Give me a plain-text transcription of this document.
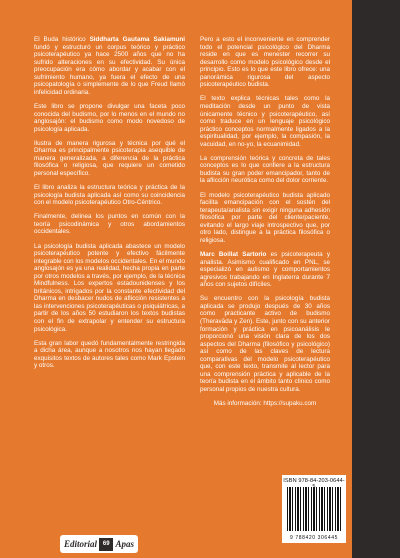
El Buda histórico Siddharta Gautama Sakiamuni fundó y estructuró un corpus teórico y práctico psicoterapéutico ya hace 2500 años que no ha sufrido alteraciones en su efectividad. Su única preocupación era cómo abordar y acabar con el sufrimiento humano, ya fuera el efecto de una psicopatología o simplemente de lo que Freud llamó infelicidad ordinaria.

Este libro se propone divulgar una faceta poco conocida del budismo, por lo menos en el mundo no anglosajón: el budismo como modo novedoso de psicología aplicada.

Ilustra de manera rigurosa y técnica por qué el Dharma es principalmente psicoterapia asequible de manera generalizada, a diferencia de la práctica filosófica o religiosa, que requiere un cometido personal específico.

El libro analiza la estructura teórica y práctica de la psicología budista aplicada así como su coincidencia con el modelo psicoterapéutico Otro-Céntrico.

Finalmente, delinea los puntos en común con la teoría psicodinámica y otros abordamientos occidentales.

La psicología budista aplicada abastece un modelo psicoterapéutico potente y efectivo fácilmente integrable con los modelos occidentales. En el mundo anglosajón es ya una realidad, hecha propia en parte por otros modelos a través, por ejemplo, de la técnica Mindfulness. Los expertos estadounidenses y los británicos, intrigados por la constante efectividad del Dharma en desbacer nudos de aflicción resistentes a las intervenciones psicoterapéuticas o psiquiátricas, a partir de los años 50 estudiaron los textos budistas con el fin de extrapolar y entender su estructura psicológica.

Esta gran labor quedó fundamentalmente restringida a dicha área, aunque a nosotros nos hayan llegado exquisitos textos de autores tales como Mark Epstein y otros.

Pero a esto el inconveniente en comprender todo el potencial psicológico del Dharma reside en que es menester recorrer su desarrollo como modelo psicológico desde el principio. Esto es lo que este libro ofrece: una panorámica rigurosa del aspecto psicoterapéutico budista.

El texto explica técnicas tales como la meditación desde un punto de vista únicamente técnico y psicoterapéutico, así como traduce en un lenguaje psicológico práctico conceptos normalmente ligados a la espiritualidad, por ejemplo, la compasión, la vacuidad, en no-yo, la ecuanimidad.

La comprensión teórica y concreta de tales conceptos es lo que confiere a la estructura budista su gran poder emancipador, tanto de la aflicción neurótica como del dolor corriente.

El modelo psicoterapéutico budista aplicado facilita emancipación con el sostén del terapeuta/analista sin exigir ninguna adhesión filosófica por parte del cliente/paciente, evitando el largo viaje introspectivo que, por otro lado, distingue a la práctica filosófica o religiosa.

Marc Boillat Sartorio es psicoterapeuta y analista. Asimismo cualificado en PNL, se especializó en autismo y comportamientos agresivos trabajando en Inglaterra durante 7 años con sujetos difíciles.

Su encuentro con la psicología budista aplicada se produjo después de 30 años como practicante activo de budismo (Theravāda y Zen). Este, junto con su anterior formación y práctica en psicoanálisis le proporcionó una visión clara de los dos aspectos del Dharma (filosófico y psicológico) así como de las claves de lectura comparativas del modelo psicoterapéutico que, con este texto, transmite al lector para una comprensión práctica y aplicable de la teoría budista en el ámbito tanto clínico como personal propios de nuestra cultura.

Más información: https://supaku.com

ISBN 978-84-203-0644-
9 788420 306445
Editorial 69 Apas
